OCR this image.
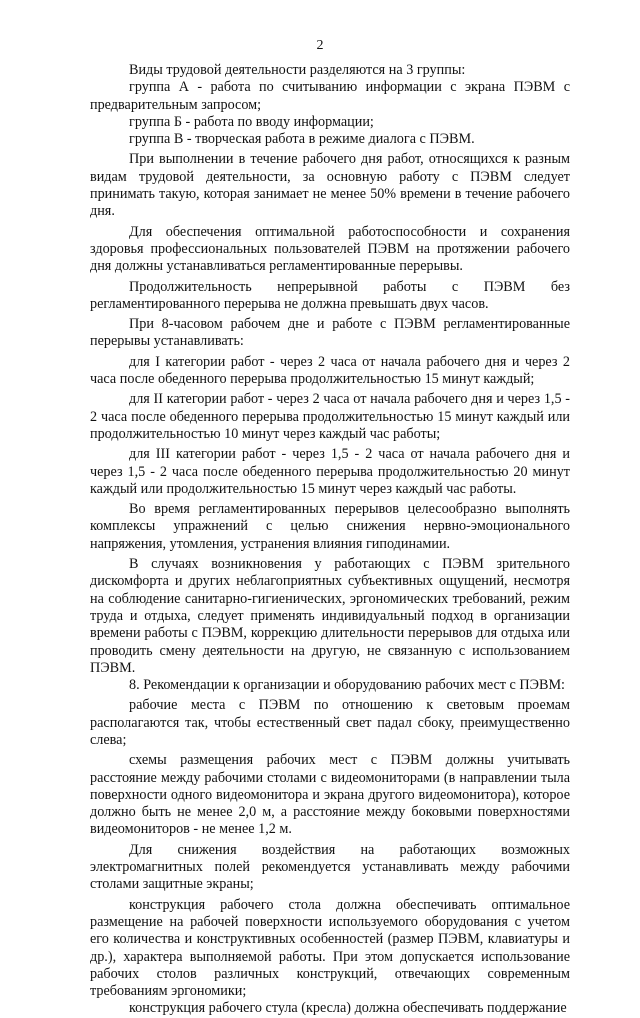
2

Виды трудовой деятельности разделяются на 3 группы:

группа А - работа по считыванию информации с экрана ПЭВМ с предварительным запросом;

группа Б - работа по вводу информации;

группа В - творческая работа в режиме диалога с ПЭВМ.

При выполнении в течение рабочего дня работ, относящихся к разным видам трудовой деятельности, за основную работу с ПЭВМ следует принимать такую, которая занимает не менее 50% времени в течение рабочего дня.

Для обеспечения оптимальной работоспособности и сохранения здоровья профессиональных пользователей ПЭВМ на протяжении рабочего дня должны устанавливаться регламентированные перерывы.

Продолжительность непрерывной работы с ПЭВМ без регламентированного перерыва не должна превышать двух часов.

При 8-часовом рабочем дне и работе с ПЭВМ регламентированные перерывы устанавливать:

для I категории работ - через 2 часа от начала рабочего дня и через 2 часа после обеденного перерыва продолжительностью 15 минут каждый;

для II категории работ - через 2 часа от начала рабочего дня и через 1,5 - 2 часа после обеденного перерыва продолжительностью 15 минут каждый или продолжительностью 10 минут через каждый час работы;

для III категории работ - через 1,5 - 2 часа от начала рабочего дня и через 1,5 - 2 часа после обеденного перерыва продолжительностью 20 минут каждый или продолжительностью 15 минут через каждый час работы.

Во время регламентированных перерывов целесообразно выполнять комплексы упражнений с целью снижения нервно-эмоционального напряжения, утомления, устранения влияния гиподинамии.

В случаях возникновения у работающих с ПЭВМ зрительного дискомфорта и других неблагоприятных субъективных ощущений, несмотря на соблюдение санитарно-гигиенических, эргономических требований, режим труда и отдыха, следует применять индивидуальный подход в организации времени работы с ПЭВМ, коррекцию длительности перерывов для отдыха или проводить смену деятельности на другую, не связанную с использованием ПЭВМ.

8. Рекомендации к организации и оборудованию рабочих мест с ПЭВМ:

рабочие места с ПЭВМ по отношению к световым проемам располагаются так, чтобы естественный свет падал сбоку, преимущественно слева;

схемы размещения рабочих мест с ПЭВМ должны учитывать расстояние между рабочими столами с видеомониторами (в направлении тыла поверхности одного видеомонитора и экрана другого видеомонитора), которое должно быть не менее 2,0 м, а расстояние между боковыми поверхностями видеомониторов - не менее 1,2 м.

Для снижения воздействия на работающих возможных электромагнитных полей рекомендуется устанавливать между рабочими столами защитные экраны;

конструкция рабочего стола должна обеспечивать оптимальное размещение на рабочей поверхности используемого оборудования с учетом его количества и конструктивных особенностей (размер ПЭВМ, клавиатуры и др.), характера выполняемой работы. При этом допускается использование рабочих столов различных конструкций, отвечающих современным требованиям эргономики;

конструкция рабочего стула (кресла) должна обеспечивать поддержание
